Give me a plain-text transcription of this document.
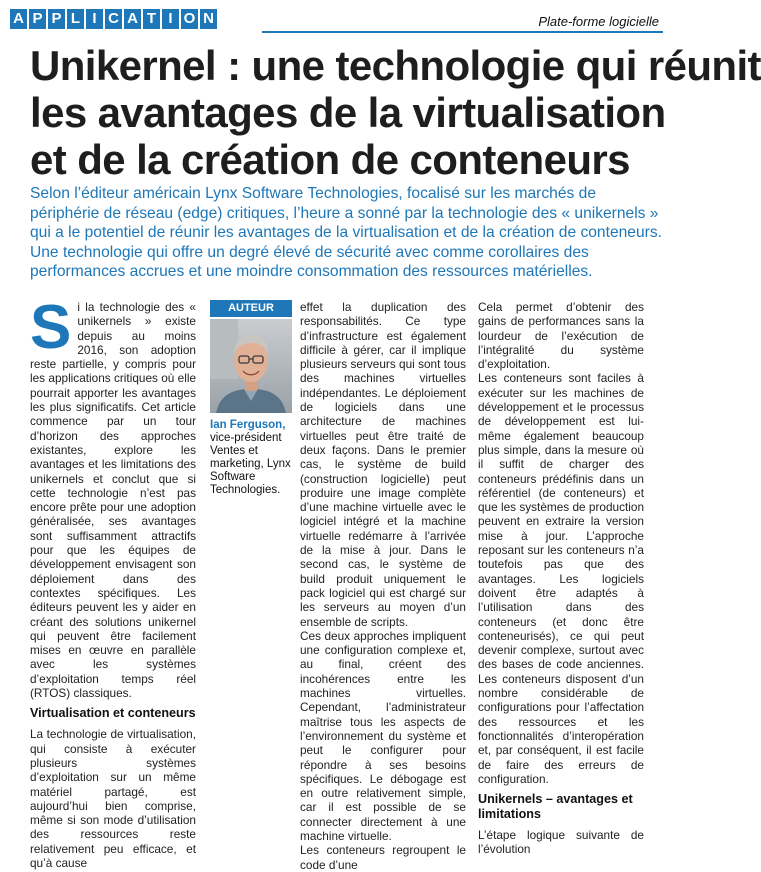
A P P L I C A T I O N	Plate-forme logicielle
Unikernel : une technologie qui réunit
les avantages de la virtualisation
et de la création de conteneurs

Selon l’éditeur américain Lynx Software Technologies, focalisé sur les marchés de périphérie de réseau (edge) critiques, l’heure a sonné par la technologie des « unikernels » qui a le potentiel de réunir les avantages de la virtualisation et de la création de conteneurs. Une technologie qui offre un degré élevé de sécurité avec comme corollaires des performances accrues et une moindre consommation des ressources matérielles.

Si la technologie des « unikernels » existe depuis au moins 2016, son adoption reste partielle, y compris pour les applications critiques où elle pourrait apporter les avantages les plus significatifs. Cet article commence par un tour d’horizon des approches existantes, explore les avantages et les limitations des unikernels et conclut que si cette technologie n’est pas encore prête pour une adoption généralisée, ses avantages sont suffisamment attractifs pour que les équipes de développement envisagent son déploiement dans des contextes spécifiques. Les éditeurs peuvent les y aider en créant des solutions unikernel qui peuvent être facilement mises en œuvre en parallèle avec les systèmes d’exploitation temps réel (RTOS) classiques.

Virtualisation et conteneurs

La technologie de virtualisation, qui consiste à exécuter plusieurs systèmes d’exploitation sur un même matériel partagé, est aujourd’hui bien comprise, même si son mode d’utilisation des ressources reste relativement peu efficace, et qu’à cause

AUTEUR
Ian Ferguson,
vice-président Ventes et marketing, Lynx Software Technologies.

effet la duplication des responsabilités. Ce type d’infrastructure est également difficile à gérer, car il implique plusieurs serveurs qui sont tous des machines virtuelles indépendantes. Le déploiement de logiciels dans une architecture de machines virtuelles peut être traité de deux façons. Dans le premier cas, le système de build (construction logicielle) peut produire une image complète d’une machine virtuelle avec le logiciel intégré et la machine virtuelle redémarre à l’arrivée de la mise à jour. Dans le second cas, le système de build produit uniquement le pack logiciel qui est chargé sur les serveurs au moyen d’un ensemble de scripts.

Ces deux approches impliquent une configuration complexe et, au final, créent des incohérences entre les machines virtuelles. Cependant, l’administrateur maîtrise tous les aspects de l’environnement du système et peut le configurer pour répondre à ses besoins spécifiques. Le débogage est en outre relativement simple, car il est possible de se connecter directement à une machine virtuelle.

Les conteneurs regroupent le code d’une

Cela permet d’obtenir des gains de performances sans la lourdeur de l’exécution de l’intégralité du système d’exploitation.

Les conteneurs sont faciles à exécuter sur les machines de développement et le processus de développement est lui-même également beaucoup plus simple, dans la mesure où il suffit de charger des conteneurs prédéfinis dans un référentiel (de conteneurs) et que les systèmes de production peuvent en extraire la version mise à jour. L’approche reposant sur les conteneurs n’a toutefois pas que des avantages. Les logiciels doivent être adaptés à l’utilisation dans des conteneurs (et donc être conteneurisés), ce qui peut devenir complexe, surtout avec des bases de code anciennes. Les conteneurs disposent d’un nombre considérable de configurations pour l’affectation des ressources et les fonctionnalités d’interopération et, par conséquent, il est facile de faire des erreurs de configuration.

Unikernels – avantages et limitations

L’étape logique suivante de l’évolution
